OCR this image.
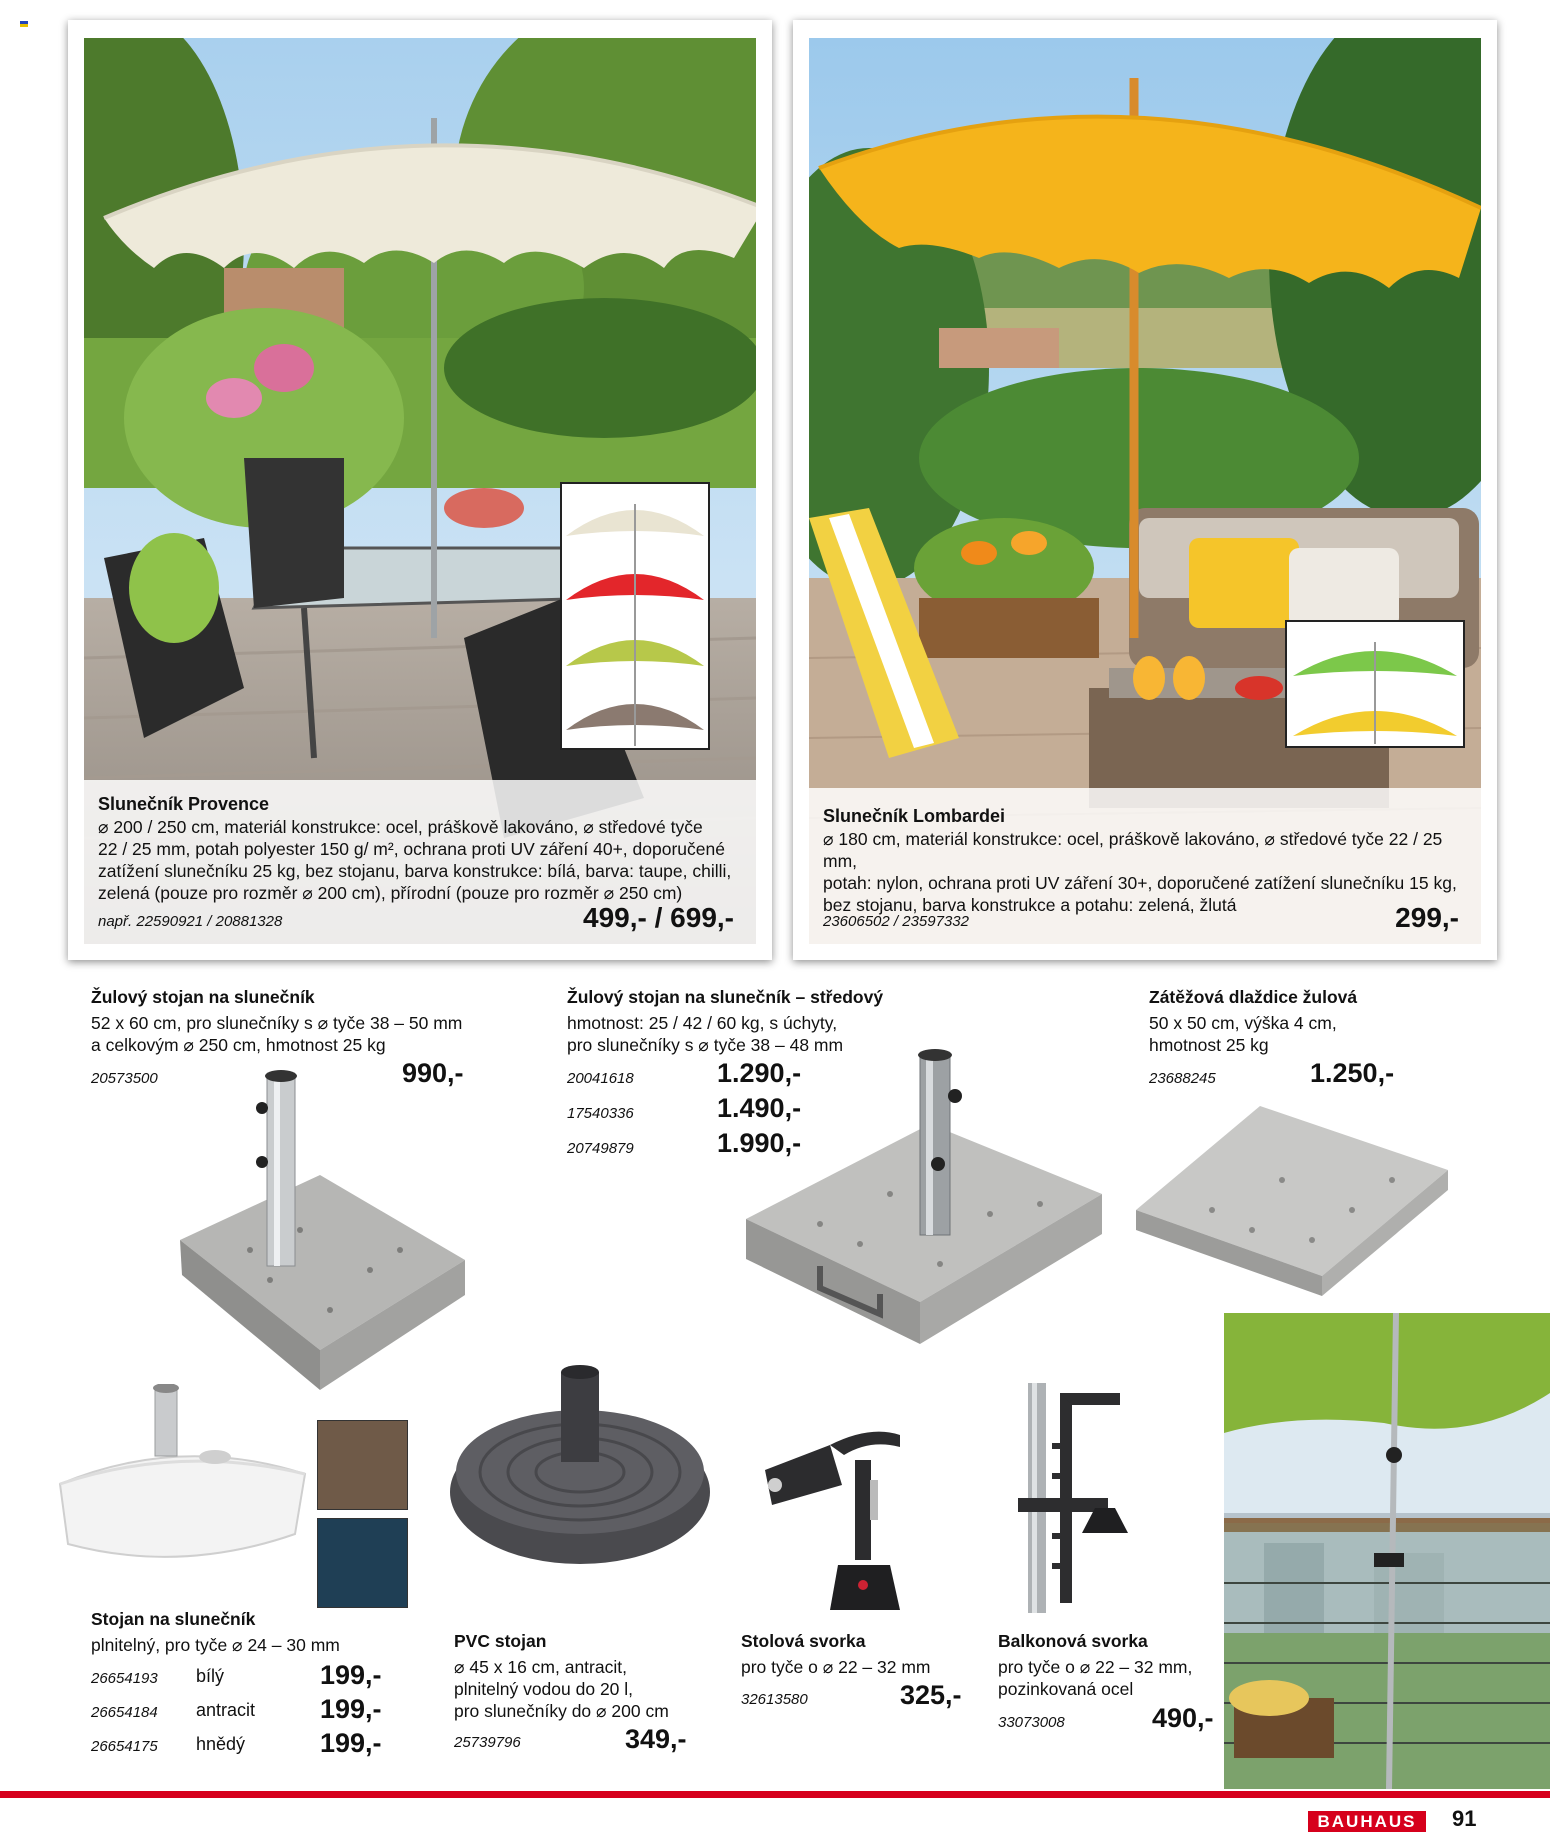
Slunečník Provence
⌀ 200 / 250 cm, materiál konstrukce: ocel, práškově lakováno, ⌀ středové tyče
22 / 25 mm, potah polyester 150 g/ m², ochrana proti UV záření 40+, doporučené
zatížení slunečníku 25 kg, bez stojanu, barva konstrukce: bílá, barva: taupe, chilli,
zelená (pouze pro rozměr ⌀ 200 cm), přírodní (pouze pro rozměr ⌀ 250 cm)
např. 22590921 / 20881328	499,- / 699,-
Slunečník Lombardei
⌀ 180 cm, materiál konstrukce: ocel, práškově lakováno, ⌀ středové tyče 22 / 25 mm,
potah: nylon, ochrana proti UV záření 30+, doporučené zatížení slunečníku 15 kg,
bez stojanu, barva konstrukce a potahu: zelená, žlutá
23606502 / 23597332	299,-
Žulový stojan na slunečník
52 x 60 cm, pro slunečníky s ⌀ tyče 38 – 50 mm
a celkovým ⌀ 250 cm, hmotnost 25 kg
20573500	990,-
Žulový stojan na slunečník – středový
hmotnost: 25 / 42 / 60 kg, s úchyty,
pro slunečníky s ⌀ tyče 38 – 48 mm
20041618	1.290,-
17540336	1.490,-
20749879	1.990,-
Zátěžová dlaždice žulová
50 x 50 cm, výška 4 cm,
hmotnost 25 kg
23688245	1.250,-
Stojan na slunečník
plnitelný, pro tyče ⌀ 24 – 30 mm
26654193 bílý	199,-
26654184 antracit 199,-
26654175 hnědý	199,-
PVC stojan
⌀ 45 x 16 cm, antracit,
plnitelný vodou do 20 l,
pro slunečníky do ⌀ 200 cm
25739796	349,-
Stolová svorka
pro tyče o ⌀ 22 – 32 mm
32613580	325,-
Balkonová svorka
pro tyče o ⌀ 22 – 32 mm,
pozinkovaná ocel
33073008	490,-
BAUHAUS	91
